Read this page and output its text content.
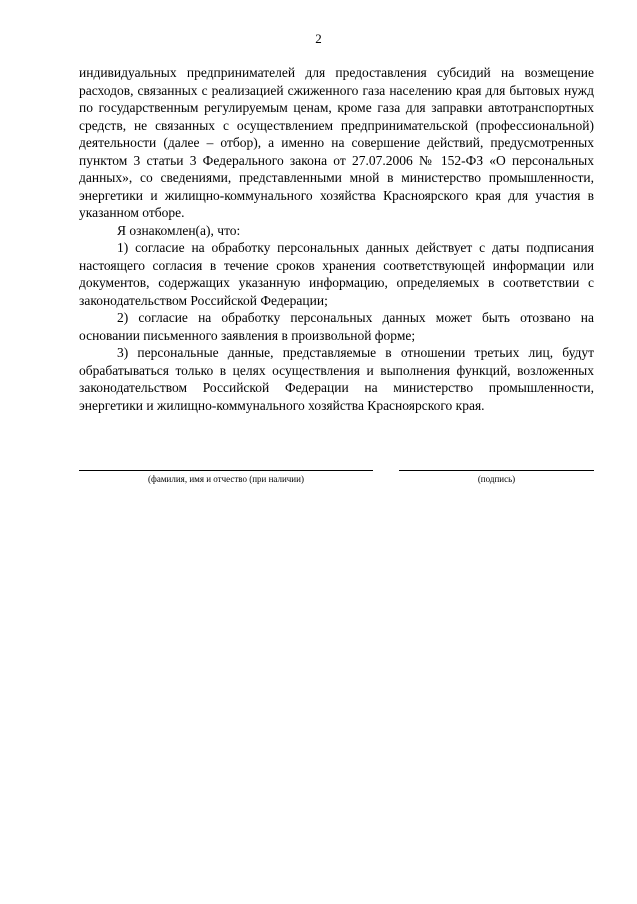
2

индивидуальных предпринимателей для предоставления субсидий на возмещение расходов, связанных с реализацией сжиженного газа населению края для бытовых нужд по государственным регулируемым ценам, кроме газа для заправки автотранспортных средств, не связанных с осуществлением предпринимательской (профессиональной) деятельности (далее – отбор), а именно на совершение действий, предусмотренных пунктом 3 статьи 3 Федерального закона от 27.07.2006 № 152-ФЗ «О персональных данных», со сведениями, представленными мной в министерство промышленности, энергетики и жилищно-коммунального хозяйства Красноярского края для участия в указанном отборе.

Я ознакомлен(а), что:

1) согласие на обработку персональных данных действует с даты подписания настоящего согласия в течение сроков хранения соответствующей информации или документов, содержащих указанную информацию, определяемых в соответствии с законодательством Российской Федерации;

2) согласие на обработку персональных данных может быть отозвано на основании письменного заявления в произвольной форме;

3) персональные данные, представляемые в отношении третьих лиц, будут обрабатываться только в целях осуществления и выполнения функций, возложенных законодательством Российской Федерации на министерство промышленности, энергетики и жилищно-коммунального хозяйства Красноярского края.

(фамилия, имя и отчество (при наличии)	(подпись)
